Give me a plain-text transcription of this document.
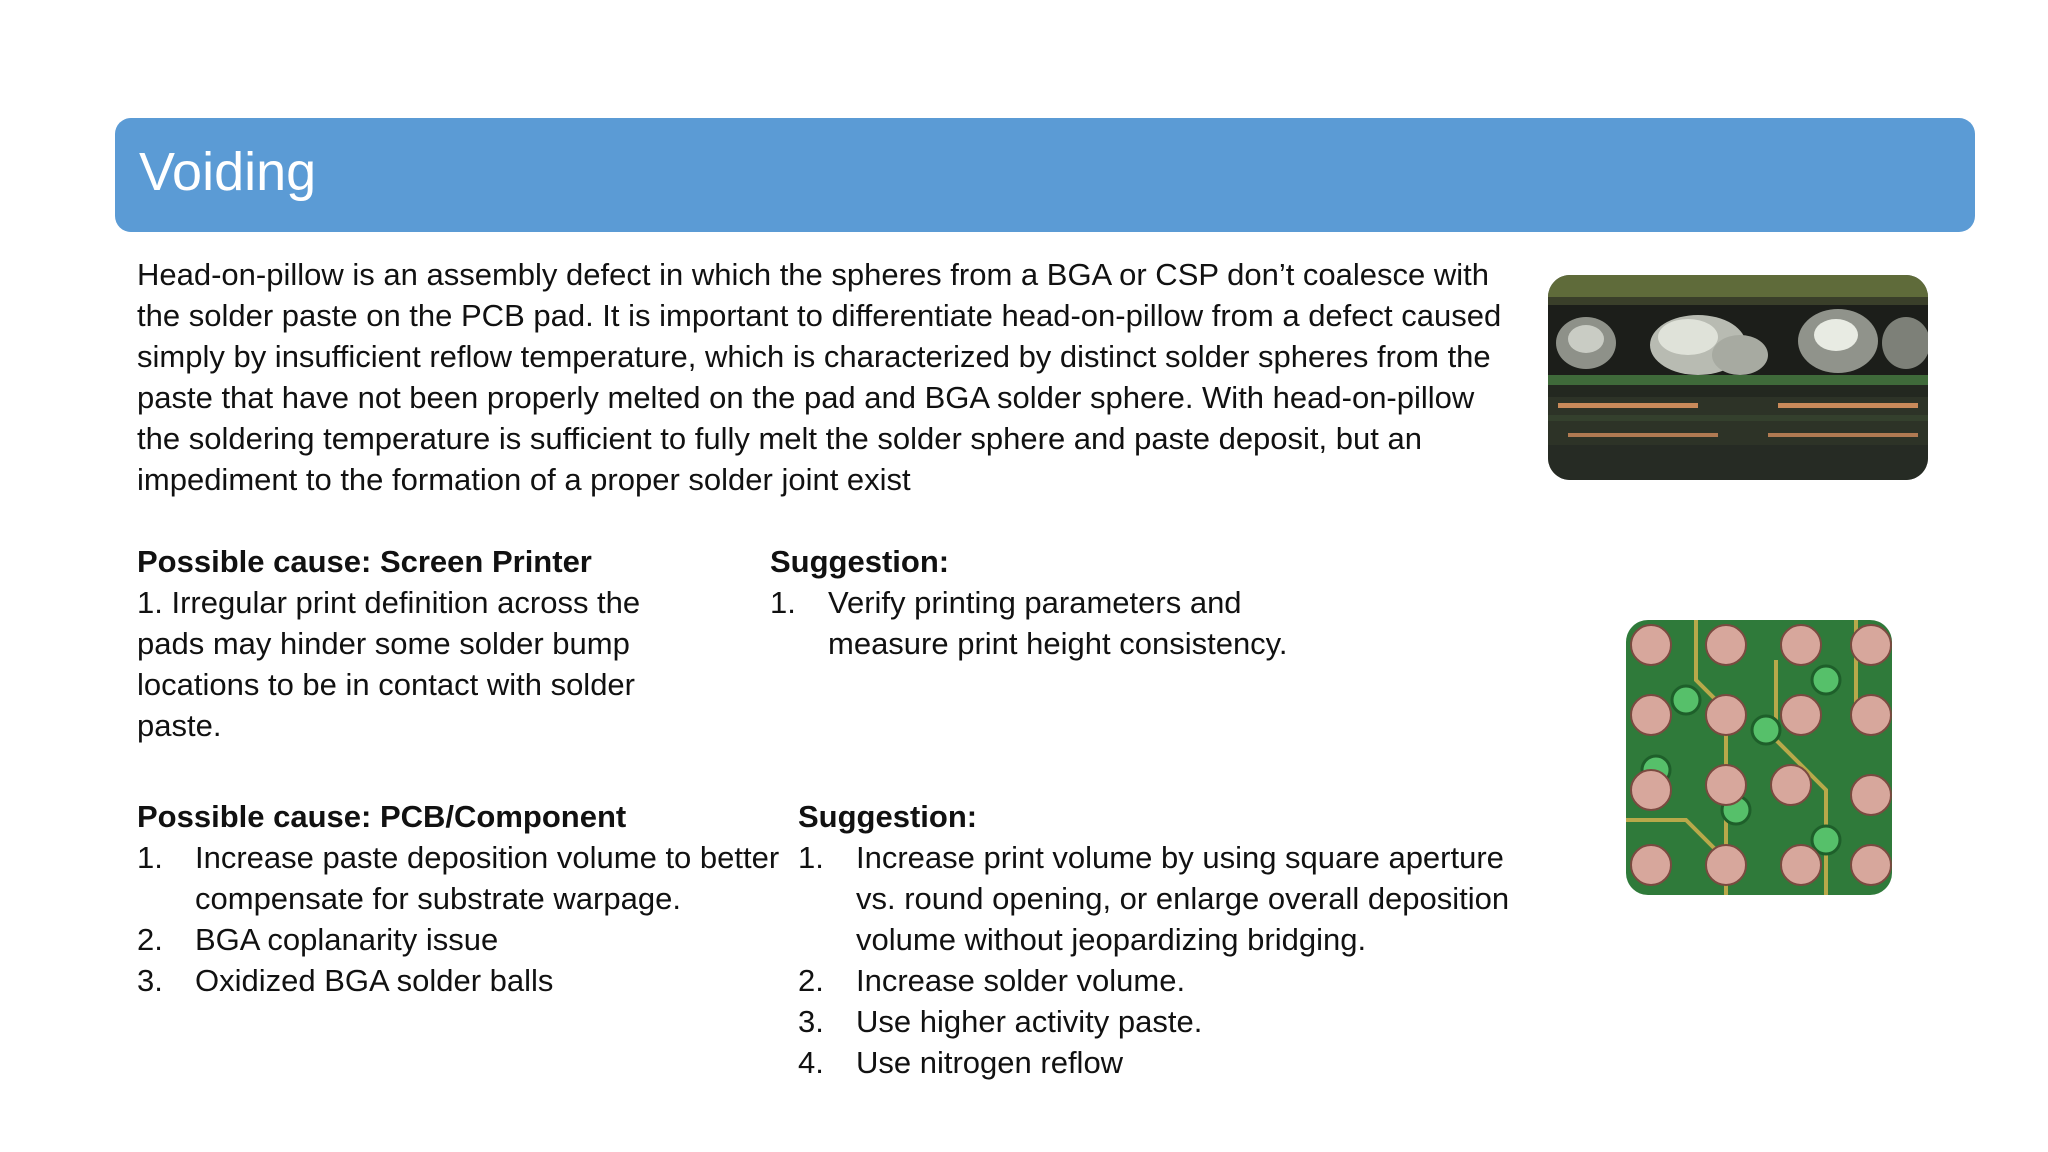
Voiding
Head-on-pillow is an assembly defect in which the spheres from a BGA or CSP don’t coalesce with the solder paste on the PCB pad. It is important to differentiate head-on-pillow from a defect caused simply by insufficient reflow temperature, which is characterized by distinct solder spheres from the paste that have not been properly melted on the pad and BGA solder sphere. With head-on-pillow the soldering temperature is sufficient to fully melt the solder sphere and paste deposit, but an impediment to the formation of a proper solder joint exist
Possible cause: Screen Printer
1. Irregular print definition across the pads may hinder some solder bump locations to be in contact with solder paste.
Suggestion:
1. Verify printing parameters and measure print height consistency.
Possible cause: PCB/Component
1. Increase paste deposition volume to better compensate for substrate warpage.
2. BGA coplanarity issue
3. Oxidized BGA solder balls
Suggestion:
1. Increase print volume by using square aperture vs. round opening, or enlarge overall deposition volume without jeopardizing bridging.
2. Increase solder volume.
3. Use higher activity paste.
4. Use nitrogen reflow
